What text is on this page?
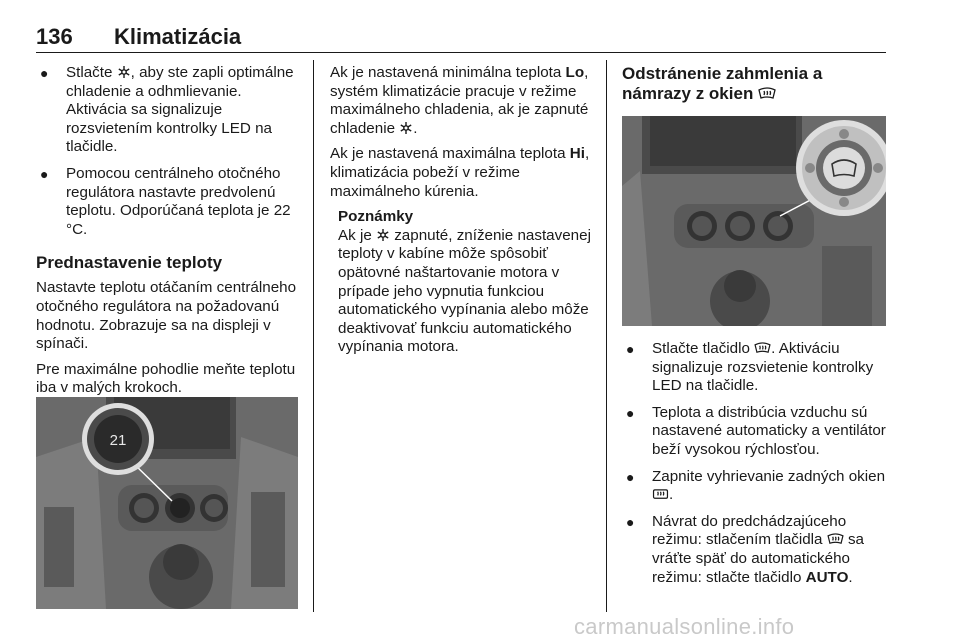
136 Klimatizácia
● Stlačte , aby ste zapli optimálne chladenie a odhmlievanie. Aktivácia sa signalizuje rozsvietením kontrolky LED na tlačidle.
● Pomocou centrálneho otočného regulátora nastavte predvolenú teplotu. Odporúčaná teplota je 22 °C.
Prednastavenie teploty

Nastavte teplotu otáčaním centrálneho otočného regulátora na požadovanú hodnotu. Zobrazuje sa na displeji v spínači.

Pre maximálne pohodlie meňte teplotu iba v malých krokoch.

21

Ak je nastavená minimálna teplota Lo, systém klimatizácie pracuje v režime maximálneho chladenia, ak je zapnuté chladenie .

Ak je nastavená maximálna teplota Hi, klimatizácia pobeží v režime maximálneho kúrenia.

Poznámky
Ak je  zapnuté, zníženie nastavenej teploty v kabíne môže spôsobiť opätovné naštartovanie motora v prípade jeho vypnutia funkciou automatického vypínania alebo môže deaktivovať funkciu automatického vypínania motora.
Odstránenie zahmlenia a námrazy z okien
● Stlačte tlačidlo . Aktiváciu signalizuje rozsvietenie kontrolky LED na tlačidle.
● Teplota a distribúcia vzduchu sú nastavené automaticky a ventilátor beží vysokou rýchlosťou.
● Zapnite vyhrievanie zadných okien .
● Návrat do predchádzajúceho režimu: stlačením tlačidla  sa vráťte späť do automatického režimu: stlačte tlačidlo AUTO.
carmanualsonline.info
